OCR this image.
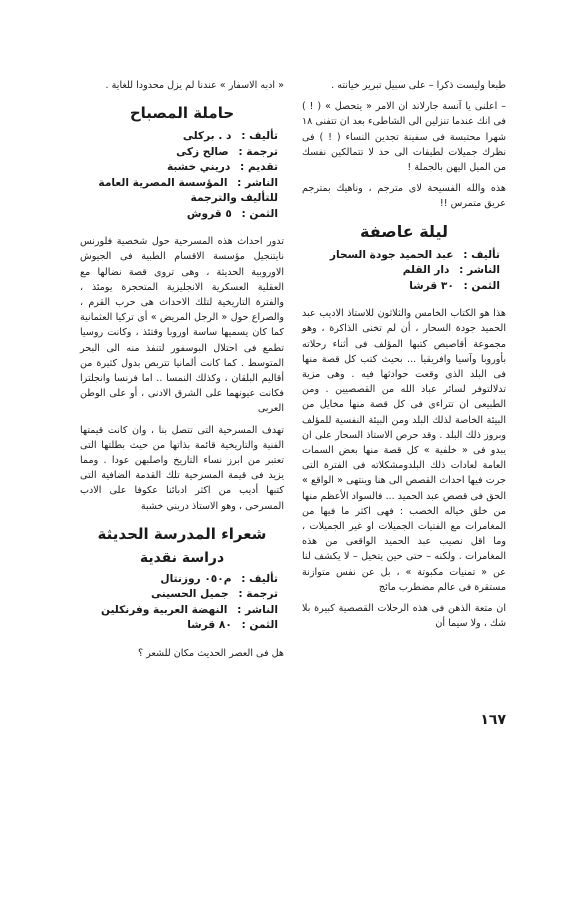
طبعا وليست ذكرا – على سبيل تبرير خيانته .

– اعلنى يا آنسة جارلاند ان الامر « يتحصل » ( ! ) فى انك عندما تنزلين الى الشاطىء بعد ان تتفنى ١٨ شهرا محتبسة فى سفينة تجدين النساء ( ! ) فى نظرك جميلات لطيفات الى حد لا تتمالكين نفسك من الميل اليهن بالجملة !

هذه والله الفسيحة لاى مترجم ، وناهيك بمترجم عريق متمرس !!

ليلة عاصفة
تأليف : عبد الحميد جودة السحار
الناشر : دار القلم
الثمن : ٣٠ قرشا

هذا هو الكتاب الخامس والثلاثون للاستاذ الاديب عبد الحميد جودة السحار ، أن لم تخنى الذاكرة ، وهو مجموعة أقاصيص كتبها المؤلف فى أثناء رحلاته بأوروبا وآسيا وافريقيا ... بحيث كتب كل قصة منها فى البلد الذى وقعت حوادثها فيه . وهى مزية تدلالتوفر لسائر عباد الله من القصصيين . ومن الطبيعى ان تتراءى فى كل قصة منها مخايل من البيئة الخاصة لذلك البلد ومن البيئة النفسية للمؤلف وبروز ذلك البلد . وقد حرص الاستاذ السحار على ان يبدو فى « خلفية » كل قصة منها بعض السمات العامة لعادات ذلك البلدومشكلاته فى الفترة التى جرت فيها احداث القصص الى هنا وينتهى « الواقع » الحق فى قصص عبد الحميد ... فالسواد الأعظم منها من خلق خياله الخصب : فهى اكثر ما فيها من المغامرات مع الفتيات الجميلات او غير الجميلات ، وما اقل نصيب عبد الحميد الواقعى من هذه المغامرات . ولكنه – حتى حين يتخيل – لا يكشف لنا عن « تمنيات مكبوتة » ، بل عن نفس متوازنة مستقرة فى عالم مضطرب مائج

ان متعة الذهن فى هذه الرحلات القصصية كبيرة بلا شك ، ولا سيما أن

« ادبه الاسفار » عندنا لم يزل محدودا للغاية .

حاملة المصباح
تأليف : د . بركلى
ترجمة : صالح زكى
تقديم : دريني خشبة
الناشر : المؤسسة المصرية العامة للتأليف والترجمة
الثمن : ٥ قروش

تدور احداث هذه المسرحية حول شخصية فلورنس نايتنجيل مؤسسة الاقسام الطبية فى الجيوش الاوروبية الحديثة ، وهى تروى قصة نضالها مع العقلية العسكرية الانجليزية المتحجرة يومئذ ، والفترة التاريخية لتلك الاحداث هى حرب القرم ، والصراع حول « الرجل المريض » أى تركيا العثمانية كما كان يسميها ساسة اوروبا وقتئذ ، وكانت روسيا تطمع فى احتلال البوسفور لتنفذ منه الى البحر المتوسط . كما كانت ألمانيا تتربص بدول كثيرة من أقاليم البلقان ، وكذلك النمسا .. اما فرنسا وانجلترا فكانت عيونهما على الشرق الادنى ، أو على الوطن العربى

تهدف المسرحية التى تتصل بنا ، وان كانت قيمتها الفنية والتاريخية قائمة بذاتها من حيث بطلتها التى تعتبر من ابرز نساء التاريخ واصلبهن عودا . ومما يزيد فى قيمة المسرحية تلك القدمة الضافية التى كتبها أديب من اكثر ادبائنا عكوفا على الادب المسرحى ، وهو الاستاذ دريني خشبة

شعراء المدرسة الحديثة
دراسة نقدية
تأليف : م٠٥٠ روزنتال
ترجمة : جميل الحسينى
الناشر : النهضة العربية وفرنكلين
الثمن : ٨٠ قرشا

هل فى العصر الحديث مكان للشعر ؟

١٦٧
